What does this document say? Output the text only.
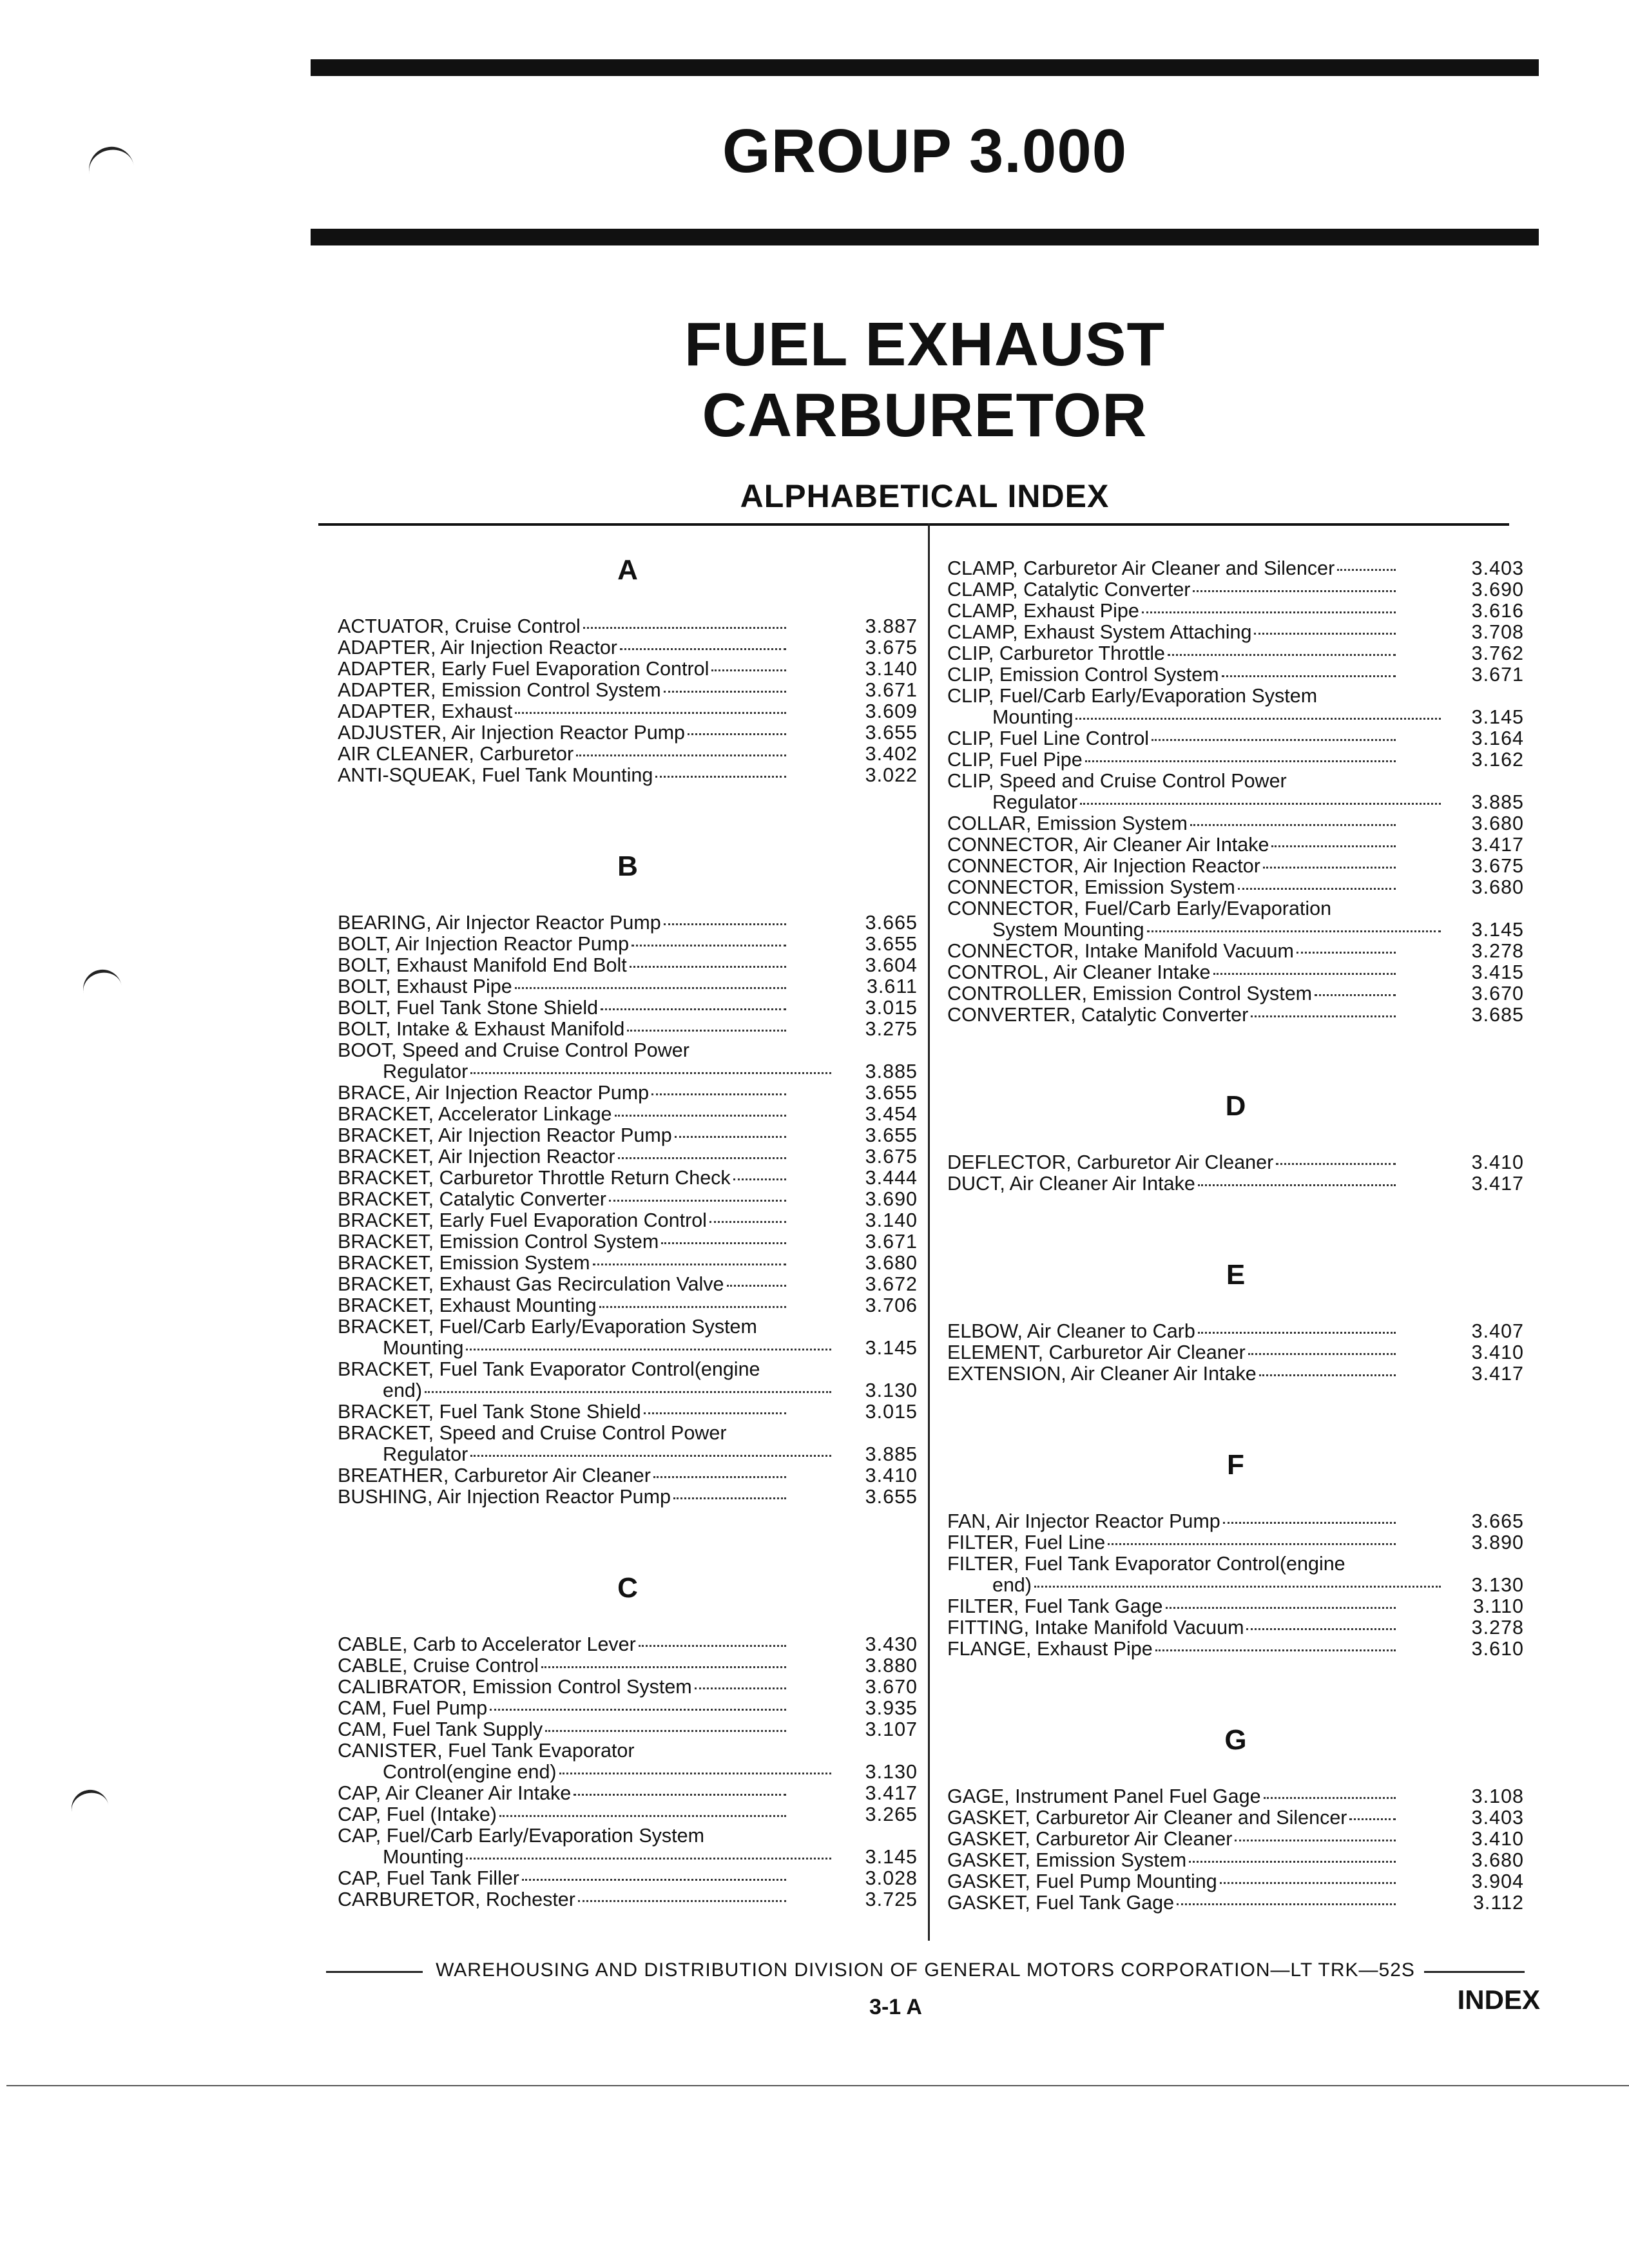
GROUP 3.000
FUEL EXHAUST
CARBURETOR
ALPHABETICAL INDEX
A
ACTUATOR, Cruise Control	3.887
ADAPTER, Air Injection Reactor	3.675
ADAPTER, Early Fuel Evaporation Control	3.140
ADAPTER, Emission Control System	3.671
ADAPTER, Exhaust	3.609
ADJUSTER, Air Injection Reactor Pump	3.655
AIR CLEANER, Carburetor	3.402
ANTI-SQUEAK, Fuel Tank Mounting	3.022
B
BEARING, Air Injector Reactor Pump	3.665
BOLT, Air Injection Reactor Pump	3.655
BOLT, Exhaust Manifold End Bolt	3.604
BOLT, Exhaust Pipe	3.611
BOLT, Fuel Tank Stone Shield	3.015
BOLT, Intake & Exhaust Manifold	3.275
BOOT, Speed and Cruise Control Power
Regulator	3.885
BRACE, Air Injection Reactor Pump	3.655
BRACKET, Accelerator Linkage	3.454
BRACKET, Air Injection Reactor Pump	3.655
BRACKET, Air Injection Reactor	3.675
BRACKET, Carburetor Throttle Return Check	3.444
BRACKET, Catalytic Converter	3.690
BRACKET, Early Fuel Evaporation Control	3.140
BRACKET, Emission Control System	3.671
BRACKET, Emission System	3.680
BRACKET, Exhaust Gas Recirculation Valve	3.672
BRACKET, Exhaust Mounting	3.706
BRACKET, Fuel/Carb Early/Evaporation System
Mounting	3.145
BRACKET, Fuel Tank Evaporator Control(engine
end)	3.130
BRACKET, Fuel Tank Stone Shield	3.015
BRACKET, Speed and Cruise Control Power
Regulator	3.885
BREATHER, Carburetor Air Cleaner	3.410
BUSHING, Air Injection Reactor Pump	3.655
C
CABLE, Carb to Accelerator Lever	3.430
CABLE, Cruise Control	3.880
CALIBRATOR, Emission Control System	3.670
CAM, Fuel Pump	3.935
CAM, Fuel Tank Supply	3.107
CANISTER, Fuel Tank Evaporator
Control(engine end)	3.130
CAP, Air Cleaner Air Intake	3.417
CAP, Fuel (Intake)	3.265
CAP, Fuel/Carb Early/Evaporation System
Mounting	3.145
CAP, Fuel Tank Filler	3.028
CARBURETOR, Rochester	3.725
CLAMP, Carburetor Air Cleaner and Silencer	3.403
CLAMP, Catalytic Converter	3.690
CLAMP, Exhaust Pipe	3.616
CLAMP, Exhaust System Attaching	3.708
CLIP, Carburetor Throttle	3.762
CLIP, Emission Control System	3.671
CLIP, Fuel/Carb Early/Evaporation System
Mounting	3.145
CLIP, Fuel Line Control	3.164
CLIP, Fuel Pipe	3.162
CLIP, Speed and Cruise Control Power
Regulator	3.885
COLLAR, Emission System	3.680
CONNECTOR, Air Cleaner Air Intake	3.417
CONNECTOR, Air Injection Reactor	3.675
CONNECTOR, Emission System	3.680
CONNECTOR, Fuel/Carb Early/Evaporation
System Mounting	3.145
CONNECTOR, Intake Manifold Vacuum	3.278
CONTROL, Air Cleaner Intake	3.415
CONTROLLER, Emission Control System	3.670
CONVERTER, Catalytic Converter	3.685
D
DEFLECTOR, Carburetor Air Cleaner	3.410
DUCT, Air Cleaner Air Intake	3.417
E
ELBOW, Air Cleaner to Carb	3.407
ELEMENT, Carburetor Air Cleaner	3.410
EXTENSION, Air Cleaner Air Intake	3.417
F
FAN, Air Injector Reactor Pump	3.665
FILTER, Fuel Line	3.890
FILTER, Fuel Tank Evaporator Control(engine
end)	3.130
FILTER, Fuel Tank Gage	3.110
FITTING, Intake Manifold Vacuum	3.278
FLANGE, Exhaust Pipe	3.610
G
GAGE, Instrument Panel Fuel Gage	3.108
GASKET, Carburetor Air Cleaner and Silencer	3.403
GASKET, Carburetor Air Cleaner	3.410
GASKET, Emission System	3.680
GASKET, Fuel Pump Mounting	3.904
GASKET, Fuel Tank Gage	3.112
WAREHOUSING AND DISTRIBUTION DIVISION OF GENERAL MOTORS CORPORATION—LT TRK—52S
3-1 A	INDEX
